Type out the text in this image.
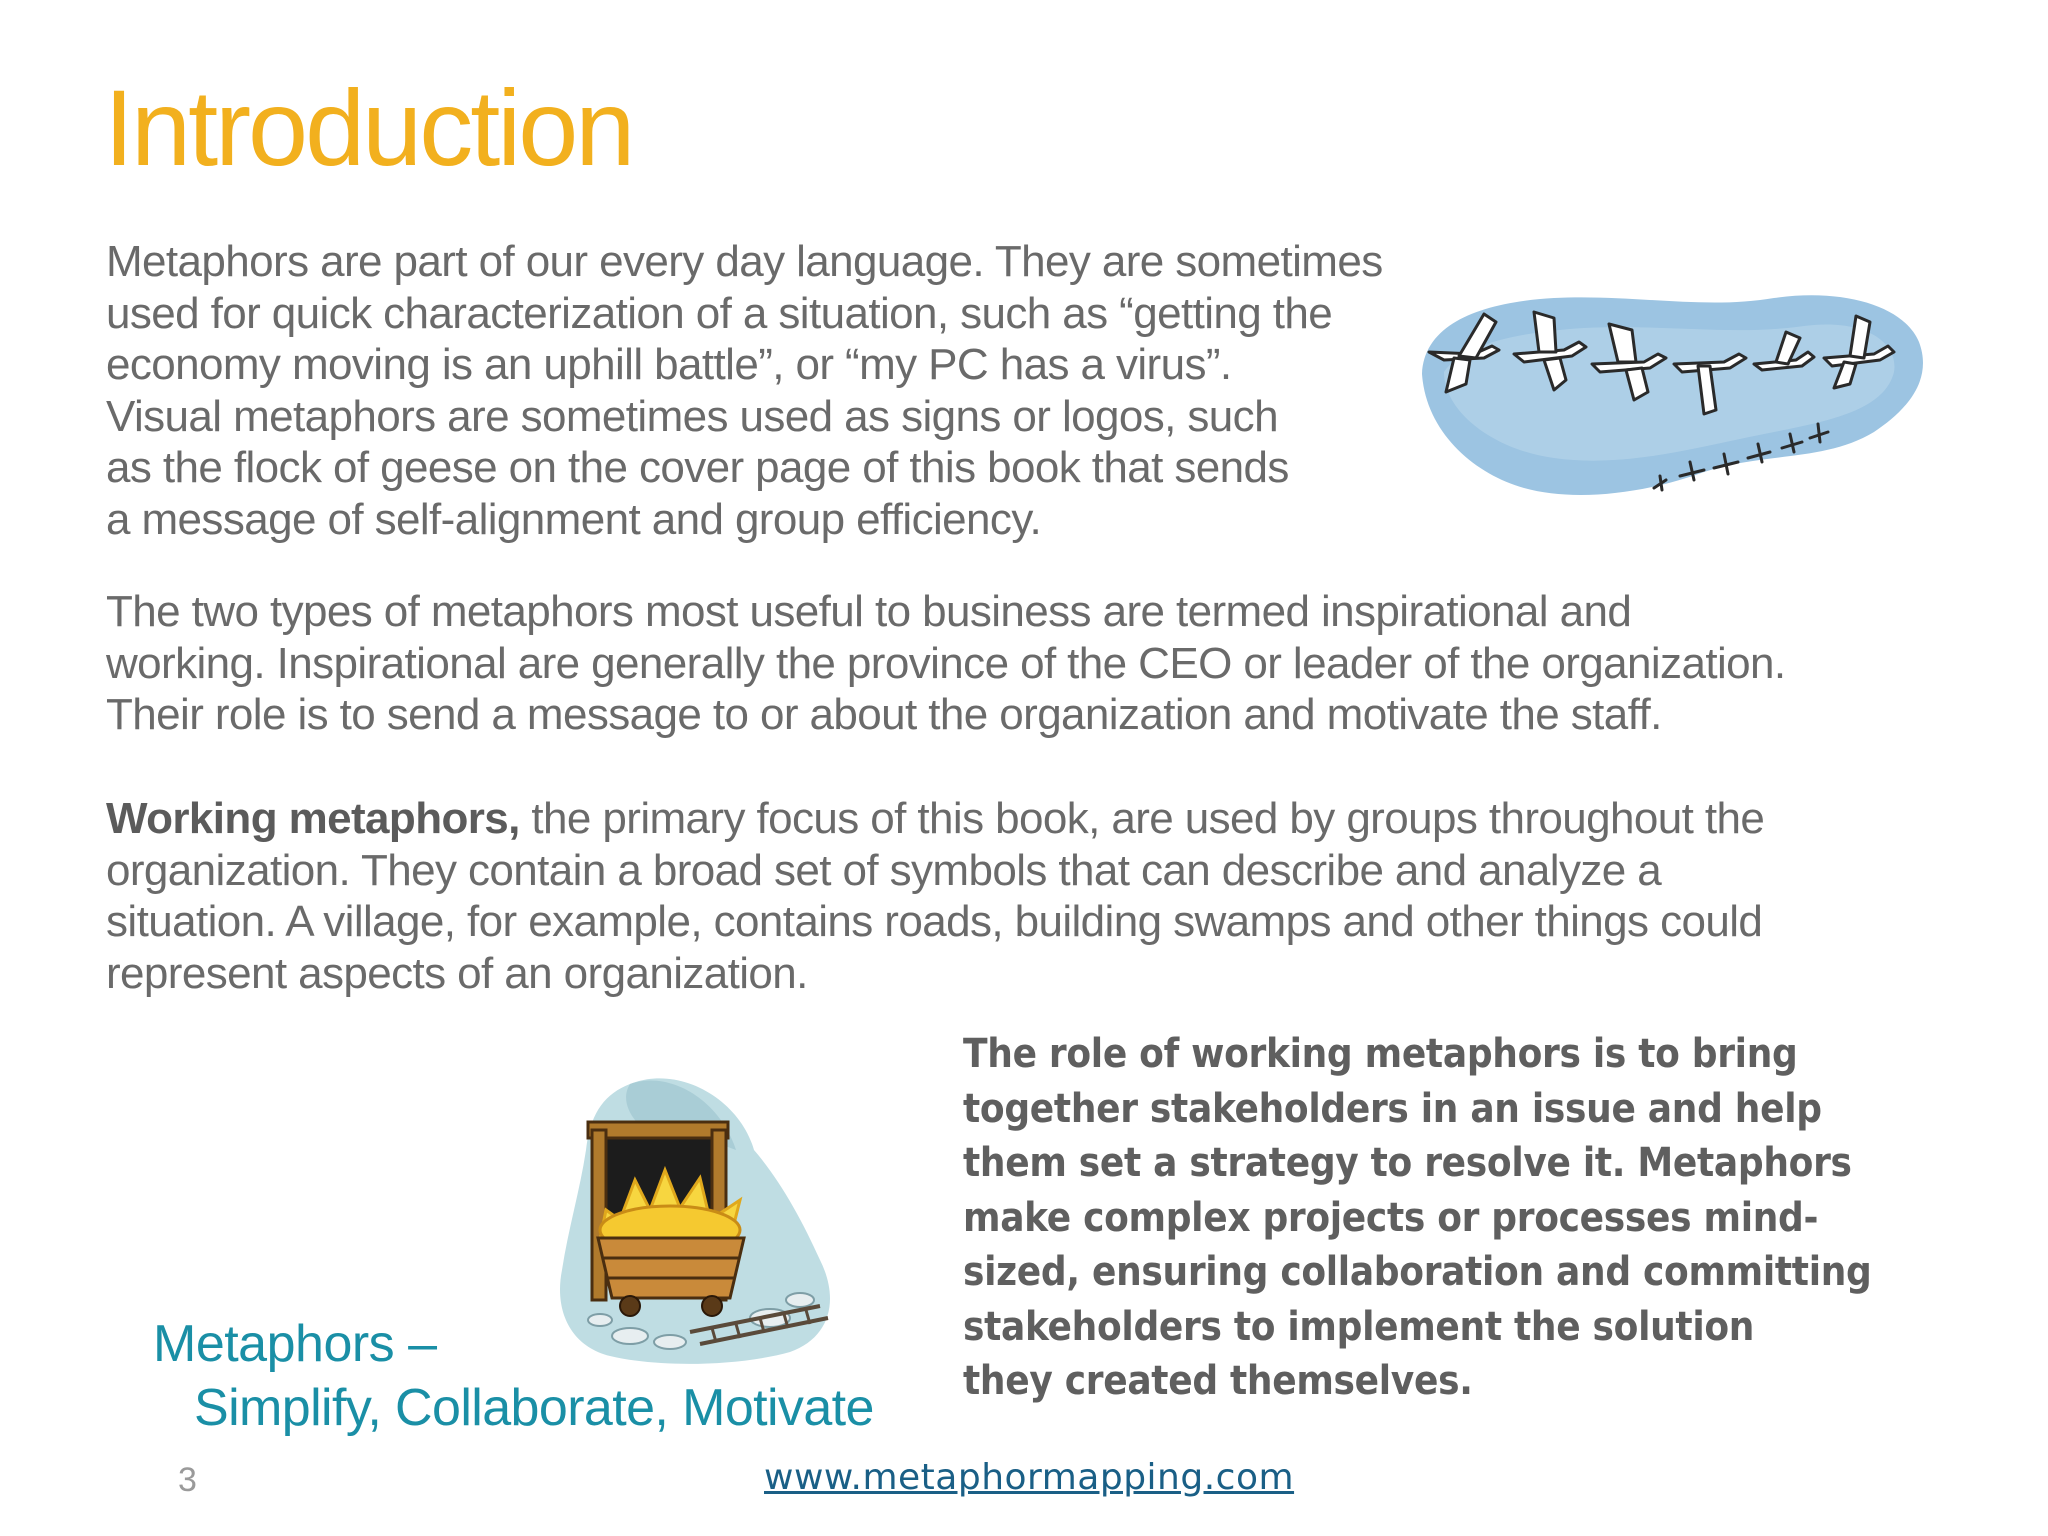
Introduction

Metaphors are part of our every day language. They are sometimes
used for quick characterization of a situation, such as “getting the
economy moving is an uphill battle”, or “my PC has a virus”.
Visual metaphors are sometimes used as signs or logos, such
as the flock of geese on the cover page of this book that sends
a message of self-alignment and group efficiency.

The two types of metaphors most useful to business are termed inspirational and
working. Inspirational are generally the province of the CEO or leader of the organization.
Their role is to send a message to or about the organization and motivate the staff.

Working metaphors, the primary focus of this book, are used by groups throughout the
organization. They contain a broad set of symbols that can describe and analyze a
situation. A village, for example, contains roads, building swamps and other things could
represent aspects of an organization.

The role of working metaphors is to bring
together stakeholders in an issue and help
them set a strategy to resolve it. Metaphors
make complex projects or processes mind-
sized, ensuring collaboration and committing
stakeholders to implement the solution
they created themselves.

Metaphors –

Simplify, Collaborate, Motivate

3	www.metaphormapping.com
